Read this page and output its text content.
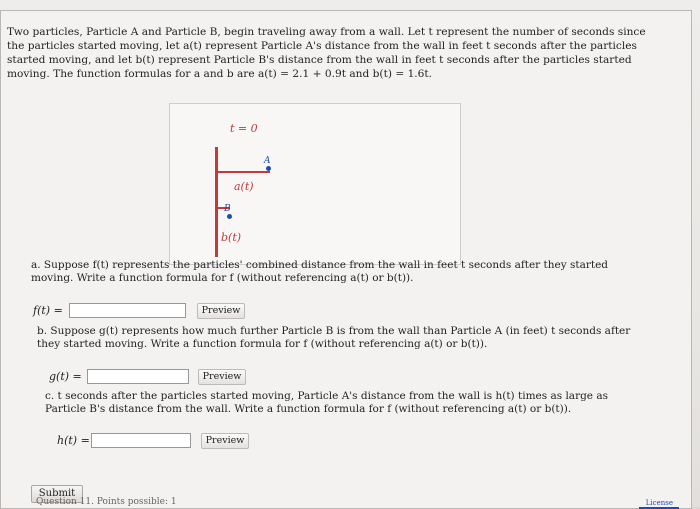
Two particles, Particle A and Particle B, begin traveling away from a wall. Let t represent the number of seconds since the particles started moving, let a(t) represent Particle A's distance from the wall in feet t seconds after the particles started moving, and let b(t) represent Particle B's distance from the wall in feet t seconds after the particles started moving. The function formulas for a and b are a(t) = 2.1 + 0.9t and b(t) = 1.6t.
t = 0
A
B
a(t)
b(t)
a. Suppose f(t) represents the particles' combined distance from the wall in feet t seconds after they started moving. Write a function formula for f (without referencing a(t) or b(t)).
f(t) =	Preview
b. Suppose g(t) represents how much further Particle B is from the wall than Particle A (in feet) t seconds after they started moving. Write a function formula for f (without referencing a(t) or b(t)).
g(t) =	Preview
c. t seconds after the particles started moving, Particle A's distance from the wall is h(t) times as large as Particle B's distance from the wall. Write a function formula for f (without referencing a(t) or b(t)).
h(t) =	Preview
Submit
License
Question 11. Points possible: 1
